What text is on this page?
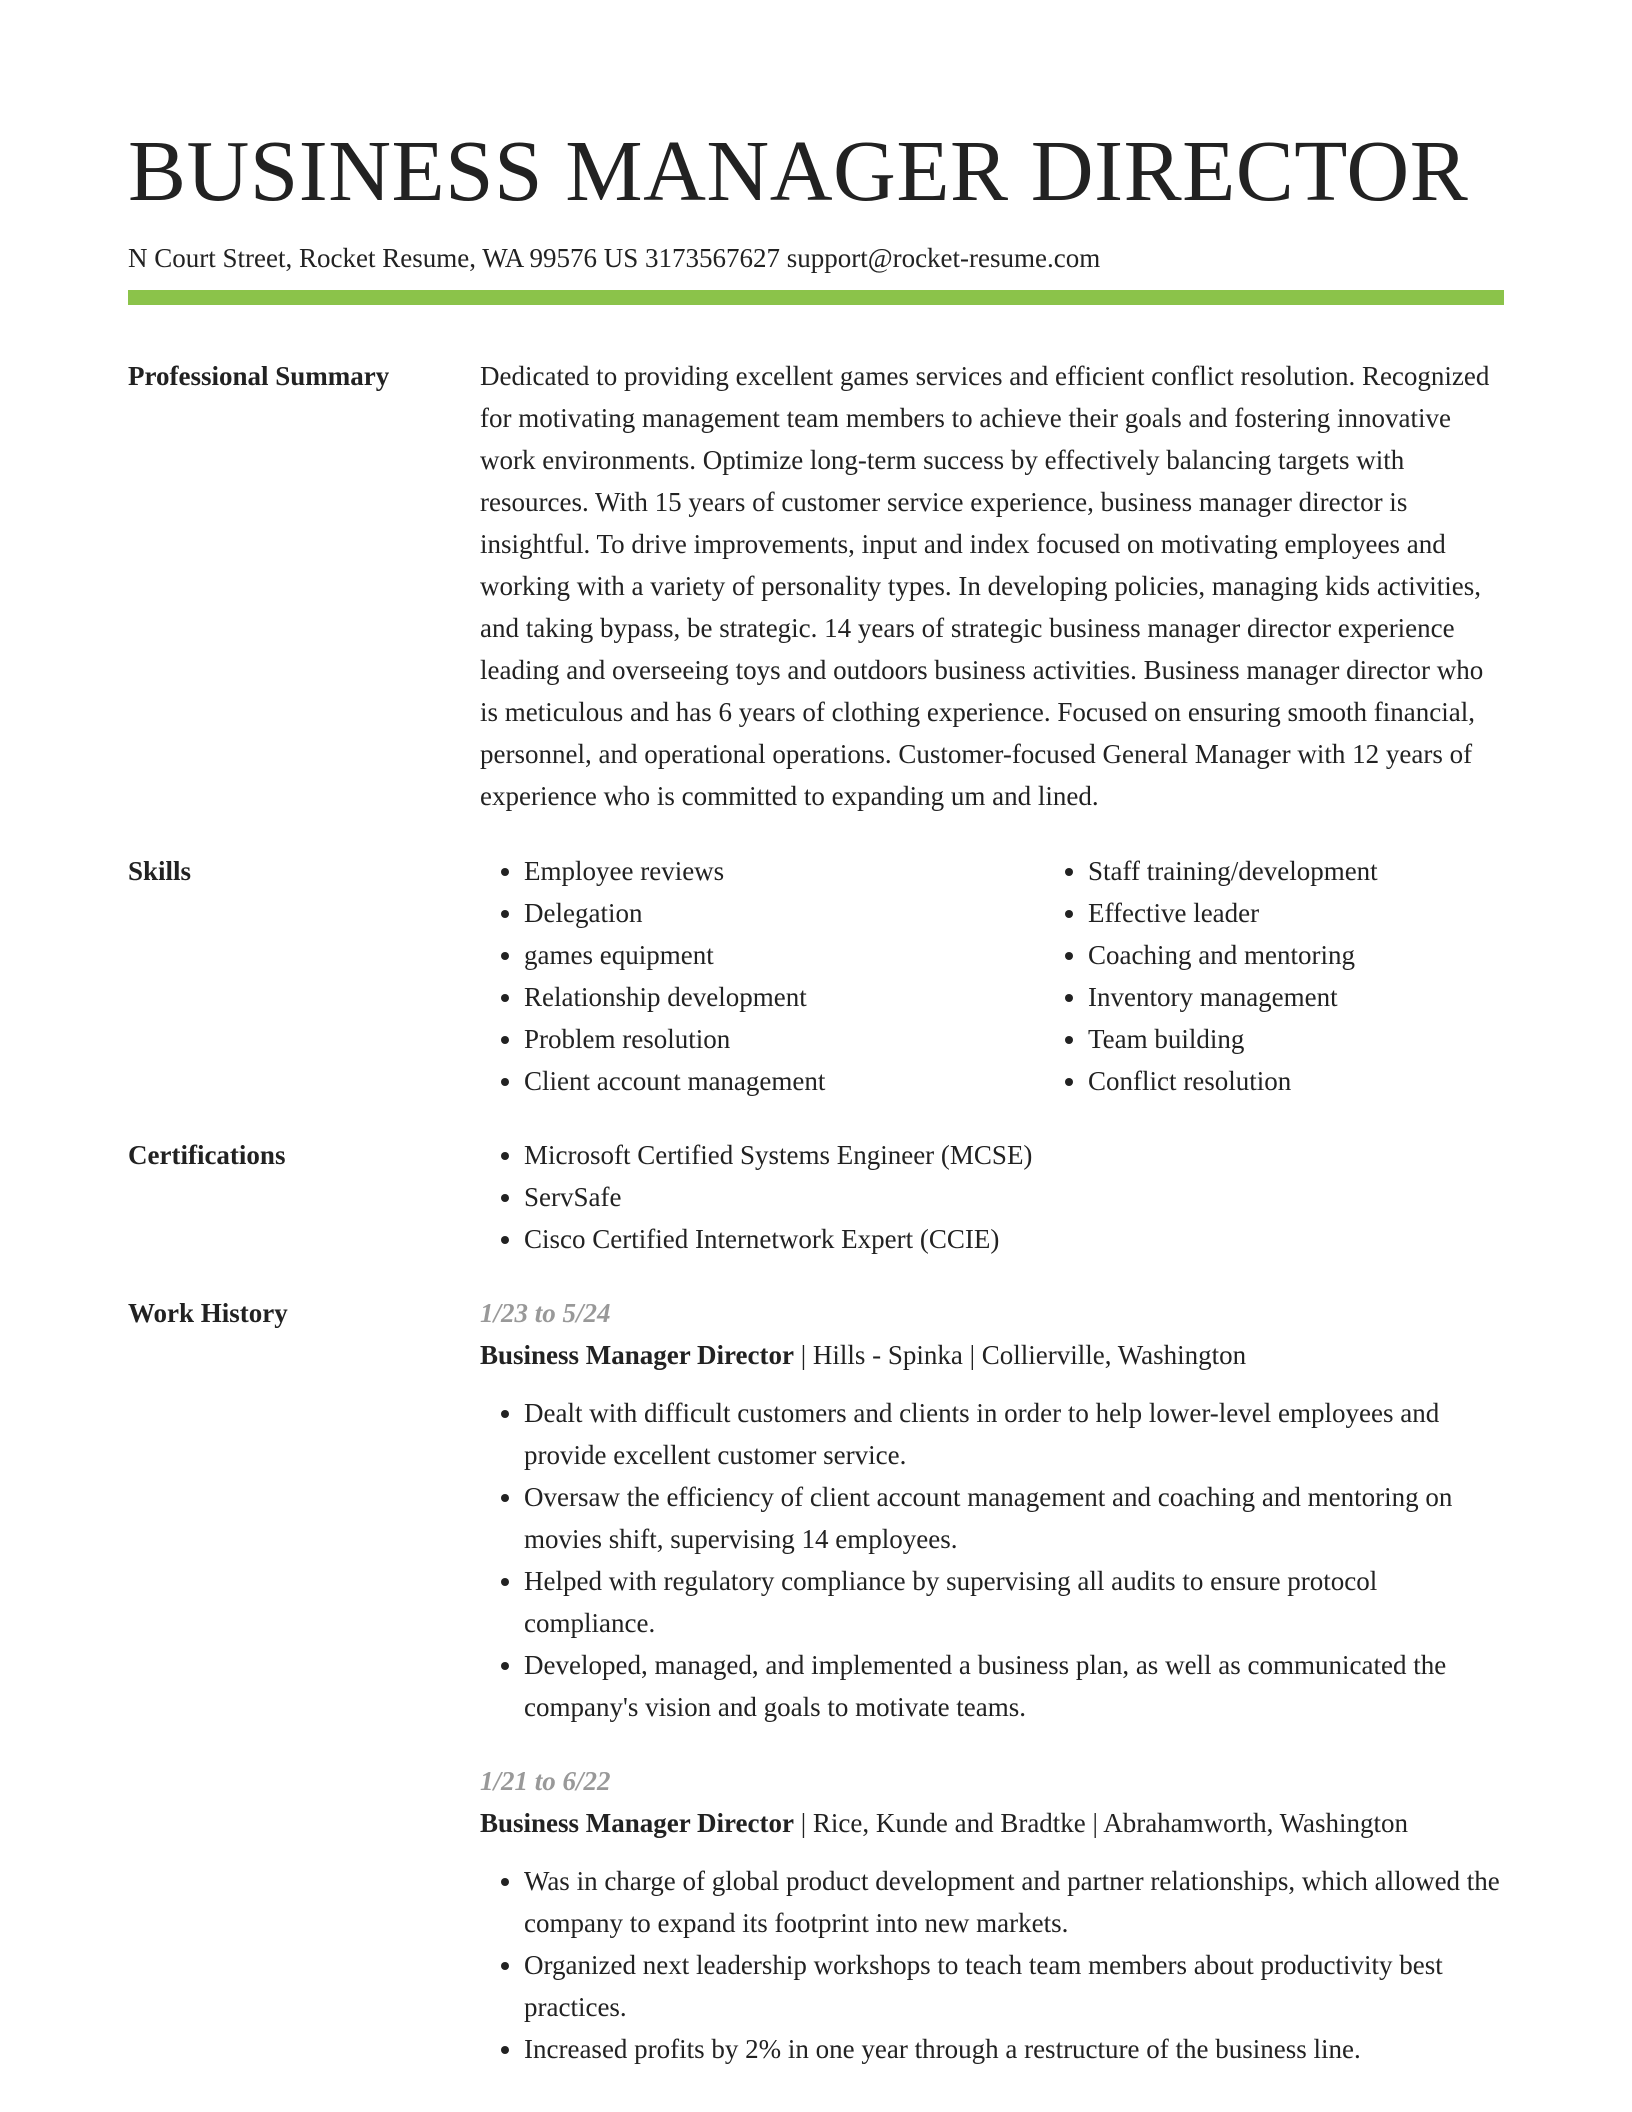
BUSINESS MANAGER DIRECTOR
N Court Street, Rocket Resume, WA 99576 US 3173567627 support@rocket-resume.com
Professional Summary	Dedicated to providing excellent games services and efficient conflict resolution. Recognized for motivating management team members to achieve their goals and fostering innovative work environments. Optimize long-term success by effectively balancing targets with resources. With 15 years of customer service experience, business manager director is insightful. To drive improvements, input and index focused on motivating employees and working with a variety of personality types. In developing policies, managing kids activities, and taking bypass, be strategic. 14 years of strategic business manager director experience leading and overseeing toys and outdoors business activities. Business manager director who is meticulous and has 6 years of clothing experience. Focused on ensuring smooth financial, personnel, and operational operations. Customer-focused General Manager with 12 years of experience who is committed to expanding um and lined.

Skills	• Employee reviews
• Delegation
• games equipment
• Relationship development
• Problem resolution
• Client account management
• Staff training/development
• Effective leader
• Coaching and mentoring
• Inventory management
• Team building
• Conflict resolution
Certifications	• Microsoft Certified Systems Engineer (MCSE)
• ServSafe
• Cisco Certified Internetwork Expert (CCIE)
Work History	1/23 to 5/24
Business Manager Director | Hills - Spinka | Collierville, Washington
• Dealt with difficult customers and clients in order to help lower-level employees and provide excellent customer service.
• Oversaw the efficiency of client account management and coaching and mentoring on movies shift, supervising 14 employees.
• Helped with regulatory compliance by supervising all audits to ensure protocol compliance.
• Developed, managed, and implemented a business plan, as well as communicated the company's vision and goals to motivate teams.
1/21 to 6/22
Business Manager Director | Rice, Kunde and Bradtke | Abrahamworth, Washington
• Was in charge of global product development and partner relationships, which allowed the company to expand its footprint into new markets.
• Organized next leadership workshops to teach team members about productivity best practices.
• Increased profits by 2% in one year through a restructure of the business line.
